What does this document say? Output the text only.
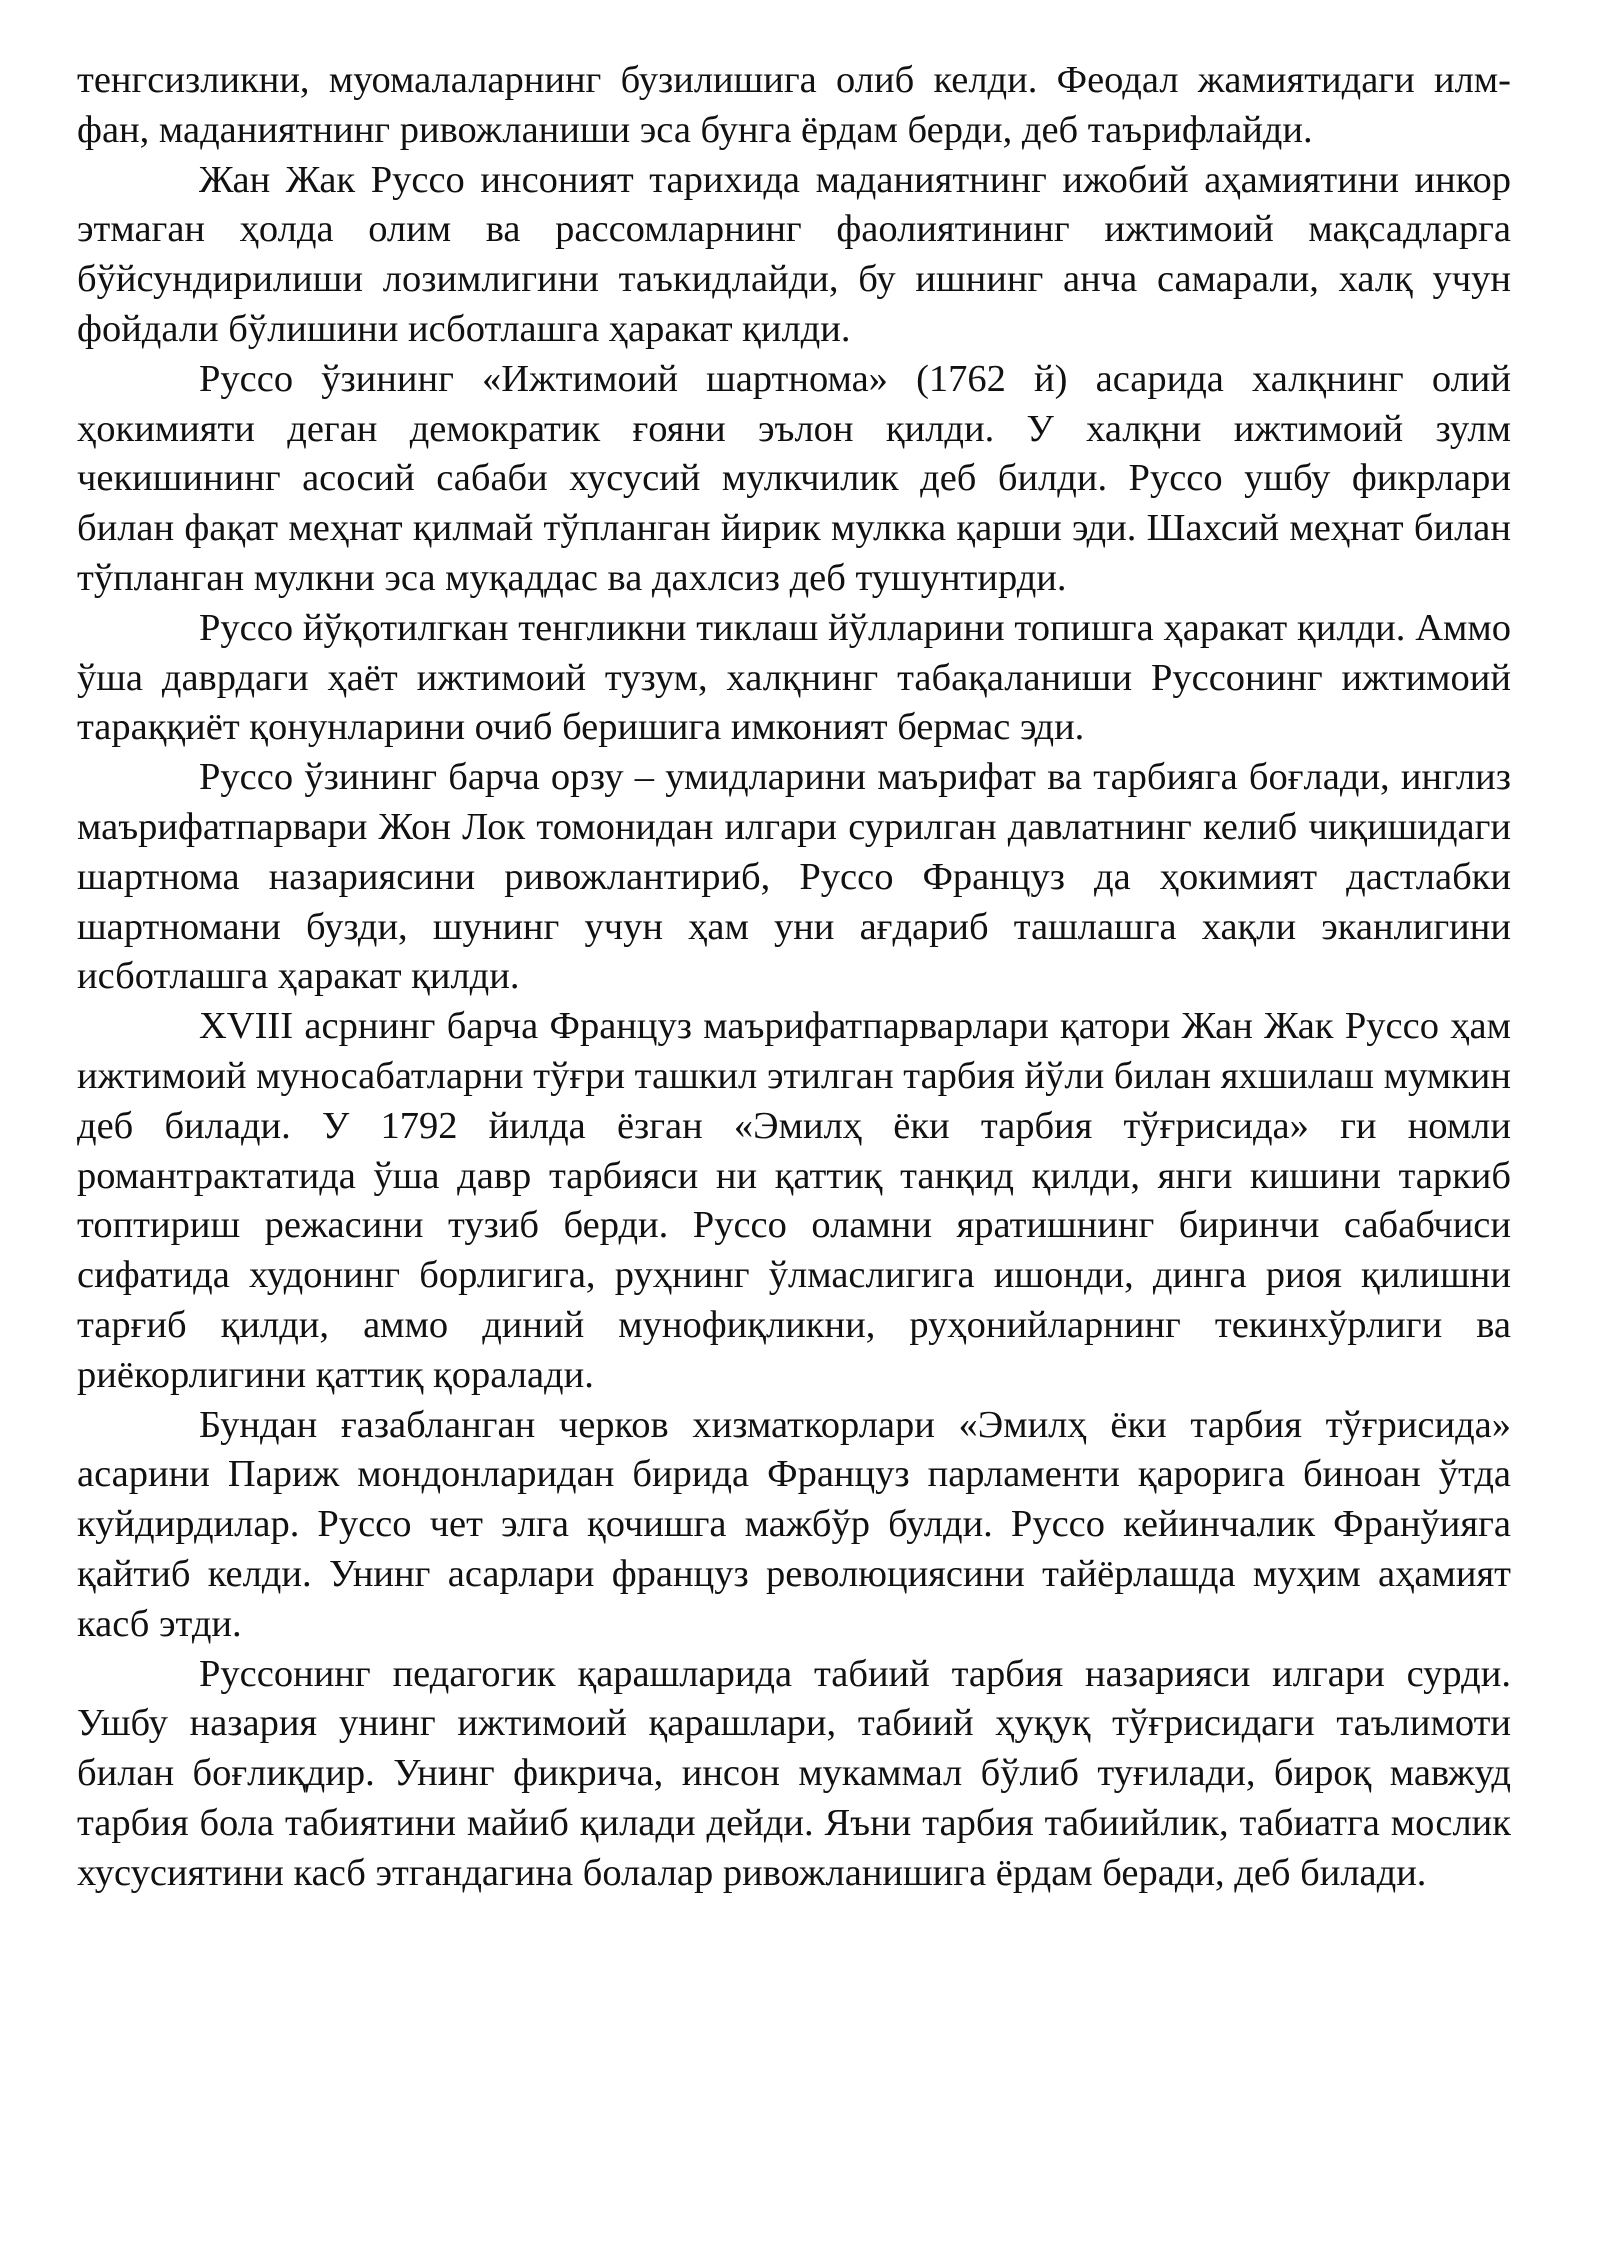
тенгсизликни, муомалаларнинг бузилишига олиб келди. Феодал жамиятидаги илм-фан, маданиятнинг ривожланиши эса бунга ёрдам берди, деб таърифлайди.

Жан Жак Руссо инсоният тарихида маданиятнинг ижобий аҳамиятини инкор этмаган ҳолда олим ва рассомларнинг фаолиятининг ижтимоий мақсадларга бўйсундирилиши лозимлигини таъкидлайди, бу ишнинг анча самарали, халқ учун фойдали бўлишини исботлашга ҳаракат қилди.

Руссо ўзининг «Ижтимоий шартнома» (1762 й) асарида халқнинг олий ҳокимияти деган демократик ғояни эълон қилди. У халқни ижтимоий зулм чекишининг асосий сабаби хусусий мулкчилик деб билди. Руссо ушбу фикрлари билан фақат меҳнат қилмай тўпланган йирик мулкка қарши эди. Шахсий меҳнат билан тўпланган мулкни эса муқаддас ва дахлсиз деб тушунтирди.

Руссо йўқотилгкан тенгликни тиклаш йўлларини топишга ҳаракат қилди. Аммо ўша даврдаги ҳаёт ижтимоий тузум, халқнинг табақаланиши Руссонинг ижтимоий тараққиёт қонунларини очиб беришига имконият бермас эди.

Руссо ўзининг барча орзу – умидларини маърифат ва тарбияга боғлади, инглиз маърифатпарвари Жон Лок томонидан илгари сурилган давлатнинг келиб чиқишидаги шартнома назариясини ривожлантириб, Руссо Француз да ҳокимият дастлабки шартномани бузди, шунинг учун ҳам уни ағдариб ташлашга хақли эканлигини исботлашга ҳаракат қилди.

XVIII асрнинг барча Француз маърифатпарварлари қатори Жан Жак Руссо ҳам ижтимоий муносабатларни тўғри ташкил этилган тарбия йўли билан яхшилаш мумкин деб билади. У 1792 йилда ёзган «Эмилҳ ёки тарбия тўғрисида» ги номли романтрактатида ўша давр тарбияси ни қаттиқ танқид қилди, янги кишини таркиб топтириш режасини тузиб берди. Руссо оламни яратишнинг биринчи сабабчиси сифатида худонинг борлигига, руҳнинг ўлмаслигига ишонди, динга риоя қилишни тарғиб қилди, аммо диний мунофиқликни, руҳонийларнинг текинхўрлиги ва риёкорлигини қаттиқ қоралади.

Бундан ғазабланган черков хизматкорлари «Эмилҳ ёки тарбия тўғрисида» асарини Париж мондонларидан бирида Француз парламенти қарорига биноан ўтда куйдирдилар. Руссо чет элга қочишга мажбўр булди. Руссо кейинчалик Франўияга қайтиб келди. Унинг асарлари француз революциясини тайёрлашда муҳим аҳамият касб этди.

Руссонинг педагогик қарашларида табиий тарбия назарияси илгари сурди. Ушбу назария унинг ижтимоий қарашлари, табиий ҳуқуқ тўғрисидаги таълимоти билан боғлиқдир. Унинг фикрича, инсон мукаммал бўлиб туғилади, бироқ мавжуд тарбия бола табиятини майиб қилади дейди. Яъни тарбия табиийлик, табиатга мослик хусусиятини касб этгандагина болалар ривожланишига ёрдам беради, деб билади.
